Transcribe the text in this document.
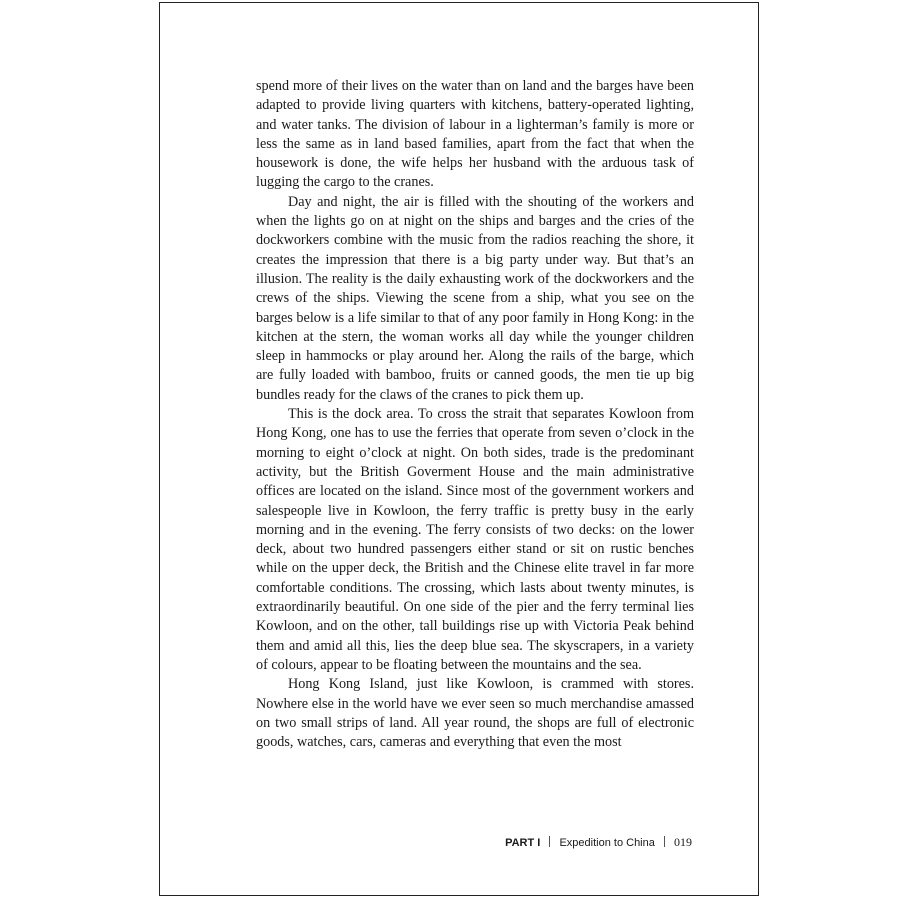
spend more of their lives on the water than on land and the barges have been adapted to provide living quarters with kitchens, battery-operated lighting, and water tanks. The division of labour in a lighterman’s family is more or less the same as in land based families, apart from the fact that when the housework is done, the wife helps her husband with the arduous task of lugging the cargo to the cranes.

Day and night, the air is filled with the shouting of the workers and when the lights go on at night on the ships and barges and the cries of the dockworkers combine with the music from the radios reaching the shore, it creates the impression that there is a big party under way. But that’s an illusion. The reality is the daily exhausting work of the dockworkers and the crews of the ships. Viewing the scene from a ship, what you see on the barges below is a life similar to that of any poor family in Hong Kong: in the kitchen at the stern, the woman works all day while the younger children sleep in hammocks or play around her. Along the rails of the barge, which are fully loaded with bamboo, fruits or canned goods, the men tie up big bundles ready for the claws of the cranes to pick them up.

This is the dock area. To cross the strait that separates Kowloon from Hong Kong, one has to use the ferries that operate from seven o’clock in the morning to eight o’clock at night. On both sides, trade is the predominant activity, but the British Goverment House and the main administrative offices are located on the island. Since most of the government workers and salespeople live in Kowloon, the ferry traffic is pretty busy in the early morning and in the evening. The ferry consists of two decks: on the lower deck, about two hundred passengers either stand or sit on rustic benches while on the upper deck, the British and the Chinese elite travel in far more comfortable conditions. The crossing, which lasts about twenty minutes, is extraordinarily beautiful. On one side of the pier and the ferry terminal lies Kowloon, and on the other, tall buildings rise up with Victoria Peak behind them and amid all this, lies the deep blue sea. The skyscrapers, in a variety of colours, appear to be floating between the mountains and the sea.

Hong Kong Island, just like Kowloon, is crammed with stores. Nowhere else in the world have we ever seen so much merchandise amassed on two small strips of land. All year round, the shops are full of electronic goods, watches, cars, cameras and everything that even the most

PART I Expedition to China 019
